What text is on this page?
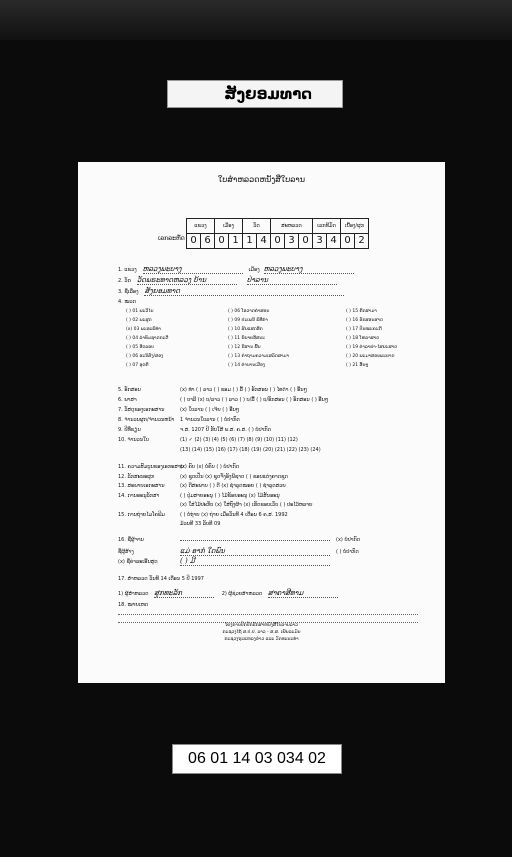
ສັງຍອມທາດ
ໃບສຳຫລວດຫນັງສືໃບລານ
ເລກລະຫັດ
ແຂວງ		ເມືອງ		ວັດ		ສະຫລວດ			ເລກທີມັດ		ເບື້ອງ/ຜູກ	
0	6	0	1	1	4	0	3	0	3	4	0	2
1. ແຂວງ ຫລວງພະບາງ	ເມືອງ ຫລວງພະບາງ
2. ວັດ ວັດພຣະທາດຫລວງ ບ້ານ	ປ່າລານ
3. ຊື່ເລື່ອງ ສັງຍອມທາດ
4. ໝວດ
( ) 01 ພະວິໄນ	( ) 06 ໂອວາດຄຳສອນ	( ) 15 ຄີດສາມາ
( ) 02 ພະສູດ	( ) 09 ປະເພນີ ພິທີກໍາ	( ) 16 ອັກສອນສາດ
(x) 03 ພະອະພິທໍາ	( ) 10 ສັນແສດອີກ	( ) 17 ປັນໝະຄະດີ
( ) 04 ລຳທັມຊາດກະດີ	( ) 11 ນິຍາຍອີສນະ	( ) 18 ໂຫລາສາດ
( ) 05 ອີດລອບ	( ) 12 ນີສານ ພື້ນ	( ) 19 ຕຳລາຢາ-ໄສຍະສາດ
( ) 06 ອະນິສົງ/ສອງ	( ) 13 ຄຳຖາມຄວາມເສລັດສາມາ	( ) 20 ພະມາສອນພະຍາດ
( ) 07 ອຸດຄີ	( ) 14 ຕຳນານເມືອງ	( ) 21 ອື່ນໆ
5. ອັກສອນ	(x) ທຳ ( ) ລາວ ( ) ຂອມ ( ) ລື້ ( ) ອັກສອນ ( ) ໄທດຳ ( ) ອື່ນໆ
6. ພາສາ	( ) ບາລີ (x) ບ/ລາວ ( ) ລາວ ( ) ບ/ລື້ ( ) ບ/ອັກສອນ ( ) ອັກສອນ ( ) ອື່ນໆ
7. ວັສດຸຂອງເອກະສານ	(x) ໃບລານ ( ) ເຈ້ຍ ( ) ອື່ນໆ
8. ຈຳນວນຜູກ/ຈຳນວນຫນ້າ 1 ຈຳນວນໃບລານ ( ) ບໍ່ປາກົດ
9. ປີທີ່ຂຽນ	ຈ.ສ. 1207 ປີ ຮັບໃສ້ ພ.ສ. ຄ.ສ. ( ) ບໍ່ປາກົດ
10. ຈຳນວນໃບ	(1) ✓ (2) (3) (4) (5) (6) (7) (8) (9) (10) (11) (12)
(13) (14) (15) (16) (17) (18) (19) (20) (21) (22) (23) (24)
11. ຄວາມສົມບູນຂອງເອກະສານ(x) ຄົບ (x) ບໍ່ຄົບ ( ) ບໍ່ປາກົດ
12. ລັກສະນະຜູກ	(x) ຊູດເປັນ (x) ຊູດຈັ່ງອັງພີຊາດ ( ) ຂອບແຕ່ງຄາດຊູດ
13. ສະພາບເອກະສານ	(x) ດີສະພາບ ( ) ດີ (x) ຊຳລຸດໝອຍ ( ) ຊຳລຸດສວຍ
14. ການອະນຸລັກສາ	( ) ປຸ່ມສາຍອະນຸ ( ) ໄມ້ຂັອຍອະນຸ (x) ໄມ້ສັນອະນຸ
(x) ໃສ່ໄມ້ປະກັບ (x) ໃສ່ຖົງຜ້າ (x) ເຮັດຂອບເວັບ ( ) ປະໄວ້ຫລາຍ
15. ການຖ່າຍໄມໂຄຟິມ	( ) ບໍ່ຖ່າຍ (x) ຖ່າຍ ເມື່ອວັນທີ 4 ເດືອນ 6 ຄ.ສ. 1992
ມ້ວນທີ 33 ລັບທີ 09
16. ຊື່ຜູ້ຈານ	(x) ບໍ່ປາກົດ
ຊື່ຜູ້ສ້າງ	ແມ່ ອາກໍ ໃດພົນ	( ) ບໍ່ປາກົດ
(x) ຊື່ຄ່າລະເອີ້ນສຸດ	( ) ມີ
17. ສຳຫລວດ ວັນທີ 14 ເດືອນ 5 ປີ 1997
1) ຜູ້ສຳຫລວດ ສຸກທະລັກ	2) ຜູ້ຊ່ວຍສຳຫລວດ ສາຄາສີທາມ
18. ໝາຍເຫດ
ໂຄງການປົກປັກຮັກສາຫນັງສືໃບລານລາວ
ກະຊວງໄຖ້ ສ.ປ.ປ. ລາວ - ສ.ສ. ເຢັຍລະມັນ
ກະຊວງຖະແຫລງຂ່າວ ແລະ ວັດທະນະທຳ
06 01 14 03 034 02
